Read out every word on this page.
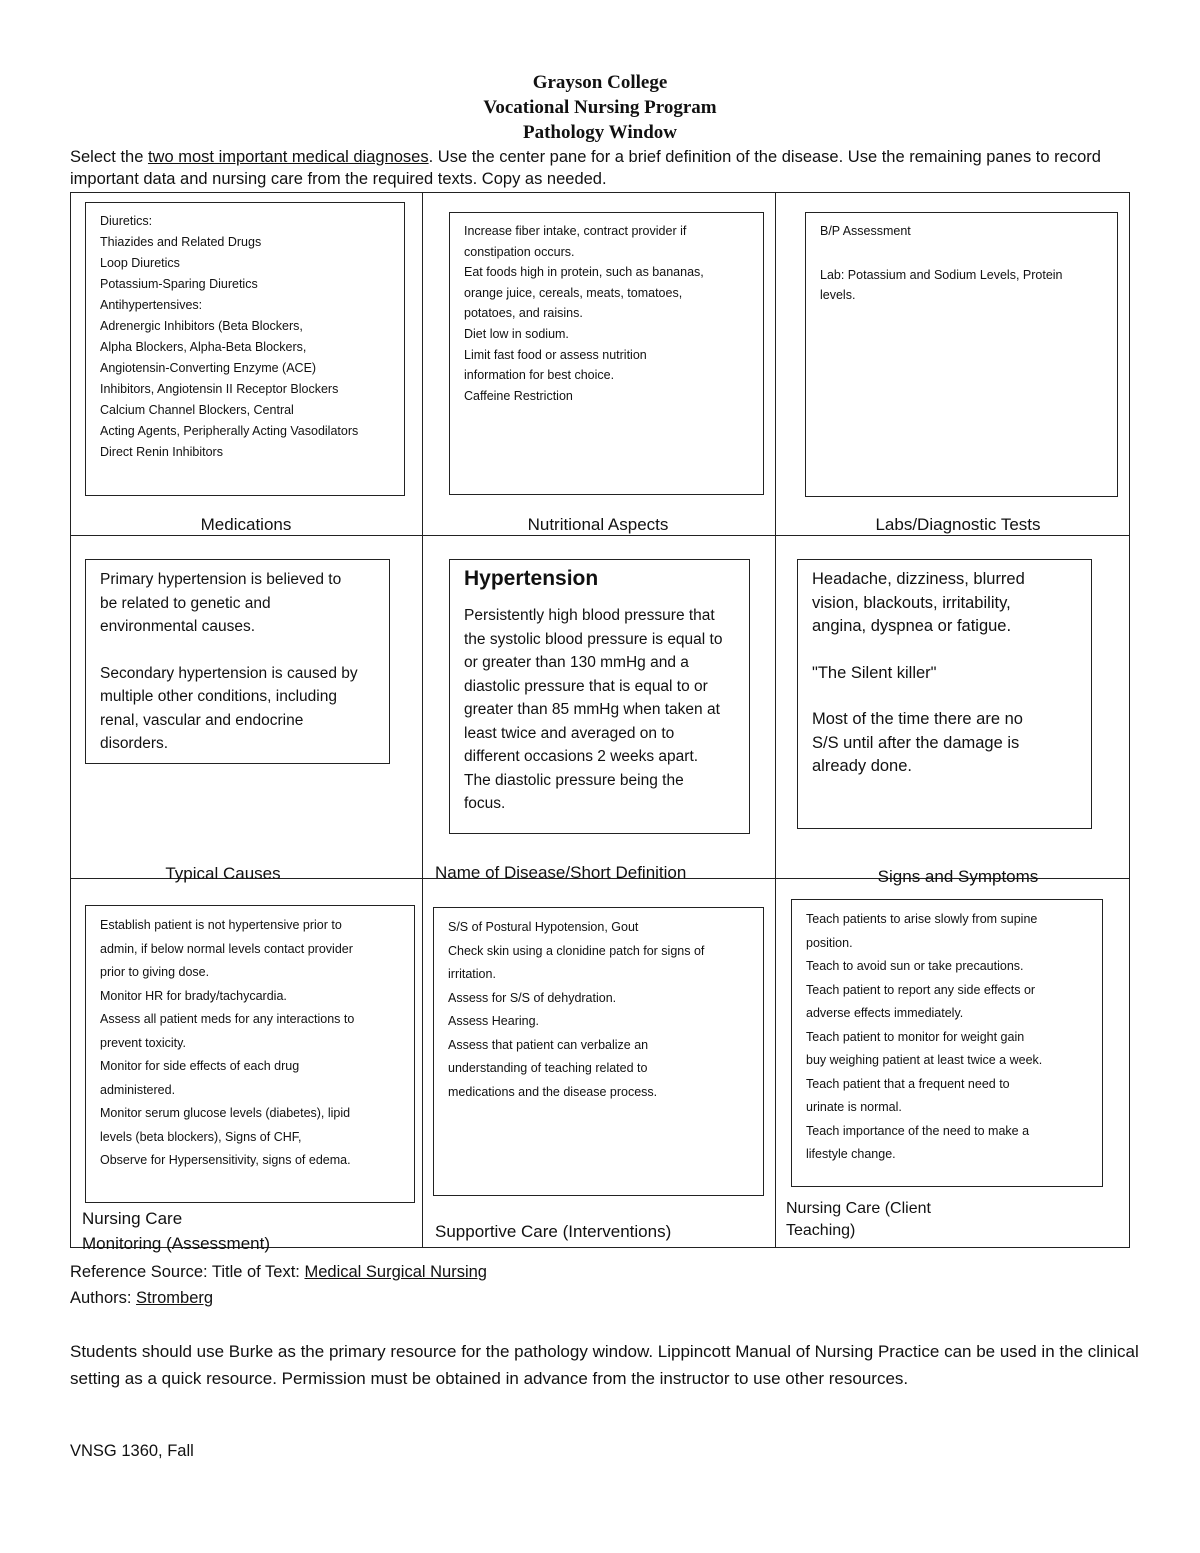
Grayson College
Vocational Nursing Program
Pathology Window
Select the two most important medical diagnoses. Use the center pane for a brief definition of the disease. Use the remaining panes to record important data and nursing care from the required texts. Copy as needed.
Diuretics:
Thiazides and Related Drugs
Loop Diuretics
Potassium-Sparing Diuretics
Antihypertensives:
Adrenergic Inhibitors (Beta Blockers,
Alpha Blockers, Alpha-Beta Blockers,
Angiotensin-Converting Enzyme (ACE)
Inhibitors, Angiotensin II Receptor Blockers
Calcium Channel Blockers, Central
Acting Agents, Peripherally Acting Vasodilators
Direct Renin Inhibitors
Medications
Increase fiber intake, contract provider if
constipation occurs.
Eat foods high in protein, such as bananas,
orange juice, cereals, meats, tomatoes,
potatoes, and raisins.
Diet low in sodium.
Limit fast food or assess nutrition
information for best choice.
Caffeine Restriction
Nutritional Aspects
B/P Assessment
Lab: Potassium and Sodium Levels, Protein
levels.
Labs/Diagnostic Tests
Primary hypertension is believed to
be related to genetic and
environmental causes.
Secondary hypertension is caused by
multiple other conditions, including
renal, vascular and endocrine
disorders.
Typical Causes
Hypertension
Persistently high blood pressure that
the systolic blood pressure is equal to
or greater than 130 mmHg and a
diastolic pressure that is equal to or
greater than 85 mmHg when taken at
least twice and averaged on to
different occasions 2 weeks apart.
The diastolic pressure being the
focus.
Name of Disease/Short Definition
Headache, dizziness, blurred
vision, blackouts, irritability,
angina, dyspnea or fatigue.
"The Silent killer"
Most of the time there are no
S/S until after the damage is
already done.
Signs and Symptoms
Establish patient is not hypertensive prior to
admin, if below normal levels contact provider
prior to giving dose.
Monitor HR for brady/tachycardia.
Assess all patient meds for any interactions to
prevent toxicity.
Monitor for side effects of each drug
administered.
Monitor serum glucose levels (diabetes), lipid
levels (beta blockers), Signs of CHF,
Observe for Hypersensitivity, signs of edema.
Nursing Care
Monitoring (Assessment)
S/S of Postural Hypotension, Gout
Check skin using a clonidine patch for signs of
irritation.
Assess for S/S of dehydration.
Assess Hearing.
Assess that patient can verbalize an
understanding of teaching related to
medications and the disease process.
Supportive Care (Interventions)
Teach patients to arise slowly from supine
position.
Teach to avoid sun or take precautions.
Teach patient to report any side effects or
adverse effects immediately.
Teach patient to monitor for weight gain
buy weighing patient at least twice a week.
Teach patient that a frequent need to
urinate is normal.
Teach importance of the need to make a
lifestyle change.
Nursing Care (Client
Teaching)
Reference Source: Title of Text: Medical Surgical Nursing
Authors: Stromberg
Students should use Burke as the primary resource for the pathology window. Lippincott Manual of Nursing Practice can be used in the clinical setting as a quick resource. Permission must be obtained in advance from the instructor to use other resources.
VNSG 1360, Fall
